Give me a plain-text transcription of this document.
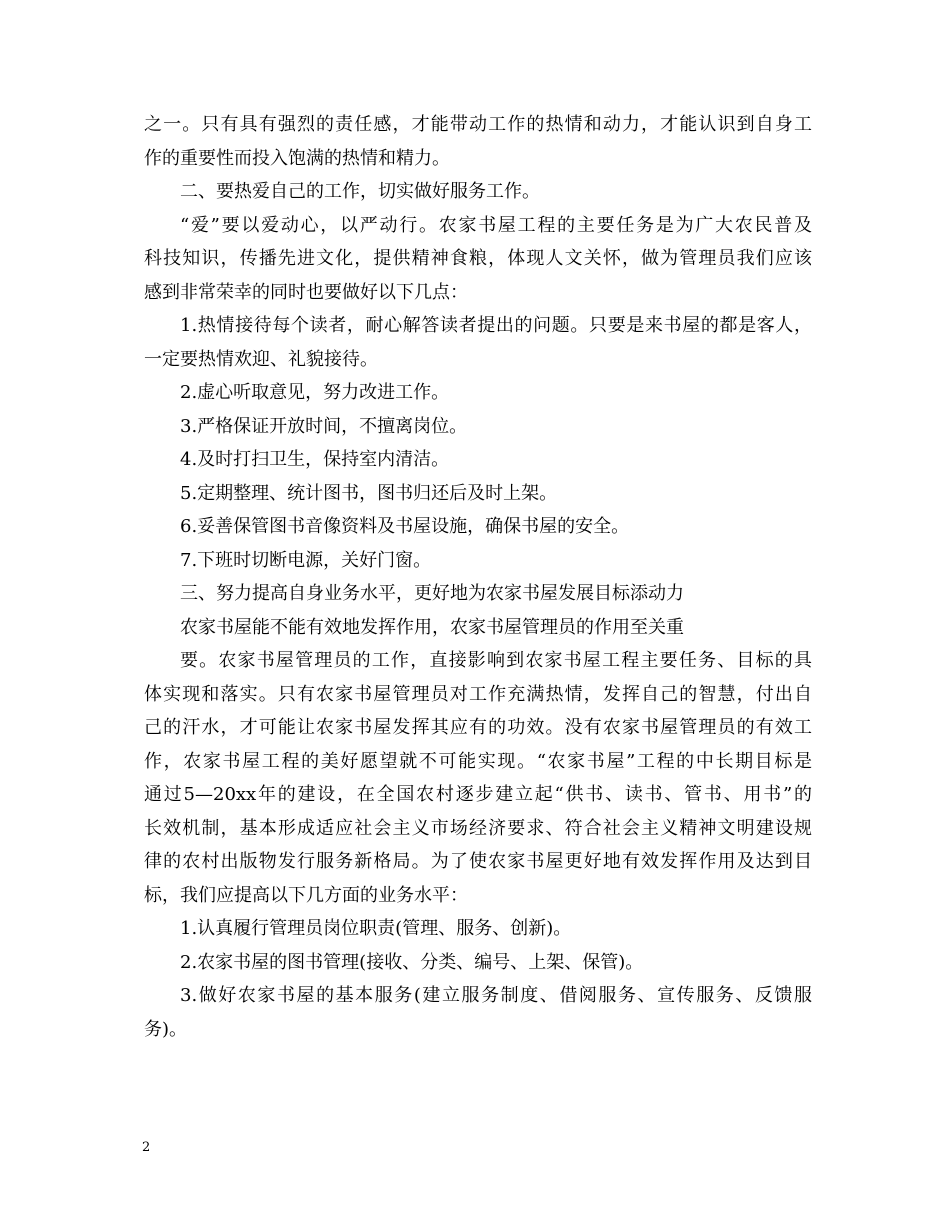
之一。只有具有强烈的责任感，才能带动工作的热情和动力，才能认识到自身工
作的重要性而投入饱满的热情和精力。
二、要热爱自己的工作，切实做好服务工作。
“爱”要以爱动心，以严动行。农家书屋工程的主要任务是为广大农民普及
科技知识，传播先进文化，提供精神食粮，体现人文关怀，做为管理员我们应该
感到非常荣幸的同时也要做好以下几点：
1.热情接待每个读者，耐心解答读者提出的问题。只要是来书屋的都是客人，
一定要热情欢迎、礼貌接待。
2.虚心听取意见，努力改进工作。
3.严格保证开放时间，不擅离岗位。
4.及时打扫卫生，保持室内清洁。
5.定期整理、统计图书，图书归还后及时上架。
6.妥善保管图书音像资料及书屋设施，确保书屋的安全。
7.下班时切断电源，关好门窗。
三、努力提高自身业务水平，更好地为农家书屋发展目标添动力
农家书屋能不能有效地发挥作用，农家书屋管理员的作用至关重
要。农家书屋管理员的工作，直接影响到农家书屋工程主要任务、目标的具
体实现和落实。只有农家书屋管理员对工作充满热情，发挥自己的智慧，付出自
己的汗水，才可能让农家书屋发挥其应有的功效。没有农家书屋管理员的有效工
作，农家书屋工程的美好愿望就不可能实现。“农家书屋”工程的中长期目标是
通过5—20xx年的建设，在全国农村逐步建立起“供书、读书、管书、用书”的
长效机制，基本形成适应社会主义市场经济要求、符合社会主义精神文明建设规
律的农村出版物发行服务新格局。为了使农家书屋更好地有效发挥作用及达到目
标，我们应提高以下几方面的业务水平：
1.认真履行管理员岗位职责(管理、服务、创新)。
2.农家书屋的图书管理(接收、分类、编号、上架、保管)。
3.做好农家书屋的基本服务(建立服务制度、借阅服务、宣传服务、反馈服
务)。
2
